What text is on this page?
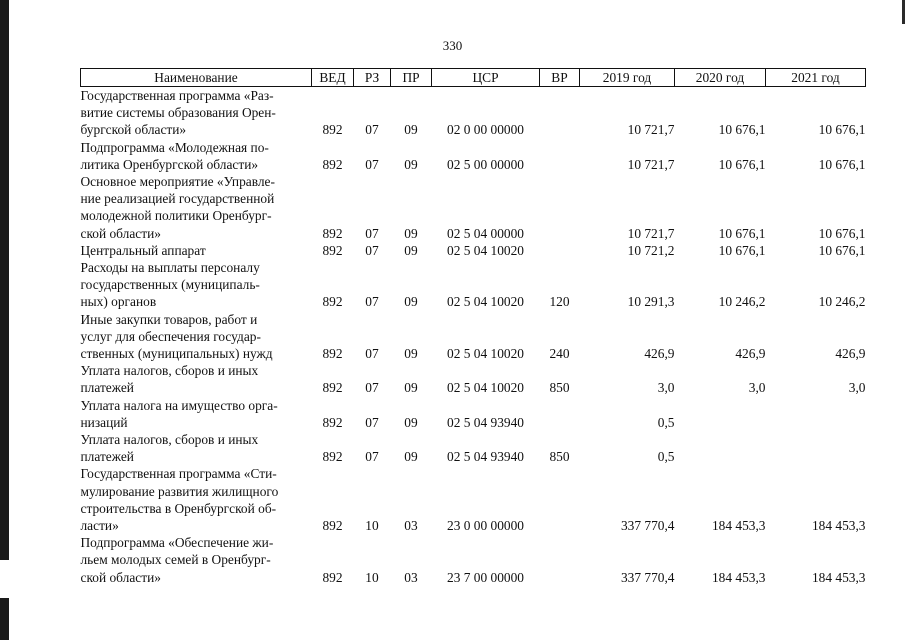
330
Наименование	ВЕД	РЗ	ПР	ЦСР	ВР	2019 год	2020 год	2021 год

Государственная программа «Раз-
витие системы образования Орен-
бургской области»	892	07	09	02 0 00 00000		10 721,7	10 676,1	10 676,1

Подпрограмма «Молодежная по-
литика Оренбургской области»	892	07	09	02 5 00 00000		10 721,7	10 676,1	10 676,1

Основное мероприятие «Управле-
ние реализацией государственной
молодежной политики Оренбург-
ской области»	892	07	09	02 5 04 00000		10 721,7	10 676,1	10 676,1

Центральный аппарат	892	07	09	02 5 04 10020		10 721,2	10 676,1	10 676,1

Расходы на выплаты персоналу
государственных (муниципаль-
ных) органов	892	07	09	02 5 04 10020	120	10 291,3	10 246,2	10 246,2

Иные закупки товаров, работ и
услуг для обеспечения государ-
ственных (муниципальных) нужд	892	07	09	02 5 04 10020	240	426,9	426,9	426,9

Уплата налогов, сборов и иных
платежей	892	07	09	02 5 04 10020	850	3,0	3,0	3,0

Уплата налога на имущество орга-
низаций	892	07	09	02 5 04 93940		0,5		

Уплата налогов, сборов и иных
платежей	892	07	09	02 5 04 93940	850	0,5		

Государственная программа «Сти-
мулирование развития жилищного
строительства в Оренбургской об-
ласти»	892	10	03	23 0 00 00000		337 770,4	184 453,3	184 453,3

Подпрограмма «Обеспечение жи-
льем молодых семей в Оренбург-
ской области»	892	10	03	23 7 00 00000		337 770,4	184 453,3	184 453,3
